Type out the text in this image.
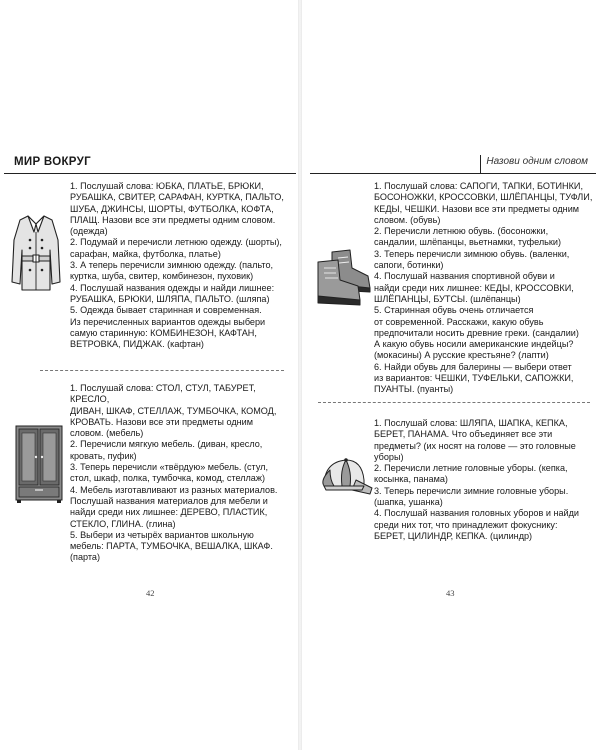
МИР ВОКРУГ

1. Послушай слова: ЮБКА, ПЛАТЬЕ, БРЮКИ,

РУБАШКА, СВИТЕР, САРАФАН, КУРТКА, ПАЛЬТО,

ШУБА, ДЖИНСЫ, ШОРТЫ, ФУТБОЛКА, КОФТА,

ПЛАЩ. Назови все эти предметы одним словом.

(одежда)

2. Подумай и перечисли летнюю одежду. (шорты),

сарафан, майка, футболка, платье)

3. А теперь перечисли зимнюю одежду. (пальто,

куртка, шуба, свитер, комбинезон, пуховик)

4. Послушай названия одежды и найди лишнее:

РУБАШКА, БРЮКИ, ШЛЯПА, ПАЛЬТО. (шляпа)

5. Одежда бывает старинная и современная.

Из перечисленных вариантов одежды выбери

самую старинную: КОМБИНЕЗОН, КАФТАН,

ВЕТРОВКА, ПИДЖАК. (кафтан)

1. Послушай слова: СТОЛ, СТУЛ, ТАБУРЕТ, КРЕСЛО,

ДИВАН, ШКАФ, СТЕЛЛАЖ, ТУМБОЧКА, КОМОД,

КРОВАТЬ. Назови все эти предметы одним

словом. (мебель)

2. Перечисли мягкую мебель. (диван, кресло,

кровать, пуфик)

3. Теперь перечисли «твёрдую» мебель. (стул,

стол, шкаф, полка, тумбочка, комод, стеллаж)

4. Мебель изготавливают из разных материалов.

Послушай названия материалов для мебели и

найди среди них лишнее: ДЕРЕВО, ПЛАСТИК,

СТЕКЛО, ГЛИНА. (глина)

5. Выбери из четырёх вариантов школьную

мебель: ПАРТА, ТУМБОЧКА, ВЕШАЛКА, ШКАФ.

(парта)

42
Назови одним словом

1. Послушай слова: САПОГИ, ТАПКИ, БОТИНКИ,

БОСОНОЖКИ, КРОССОВКИ, ШЛЁПАНЦЫ, ТУФЛИ,

КЕДЫ, ЧЕШКИ. Назови все эти предметы одним

словом. (обувь)

2. Перечисли летнюю обувь. (босоножки,

сандалии, шлёпанцы, вьетнамки, туфельки)

3. Теперь перечисли зимнюю обувь. (валенки,

сапоги, ботинки)

4. Послушай названия спортивной обуви и

найди среди них лишнее: КЕДЫ, КРОССОВКИ,

ШЛЁПАНЦЫ, БУТСЫ. (шлёпанцы)

5. Старинная обувь очень отличается

от современной. Расскажи, какую обувь

предпочитали носить древние греки. (сандалии)

А какую обувь носили американские индейцы?

(мокасины) А русские крестьяне? (лапти)

6. Найди обувь для балерины — выбери ответ

из вариантов: ЧЕШКИ, ТУФЕЛЬКИ, САПОЖКИ,

ПУАНТЫ. (пуанты)

1. Послушай слова: ШЛЯПА, ШАПКА, КЕПКА,

БЕРЕТ, ПАНАМА. Что объединяет все эти

предметы? (их носят на голове — это головные

уборы)

2. Перечисли летние головные уборы. (кепка,

косынка, панама)

3. Теперь перечисли зимние головные уборы.

(шапка, ушанка)

4. Послушай названия головных уборов и найди

среди них тот, что принадлежит фокуснику:

БЕРЕТ, ЦИЛИНДР, КЕПКА. (цилиндр)

43
